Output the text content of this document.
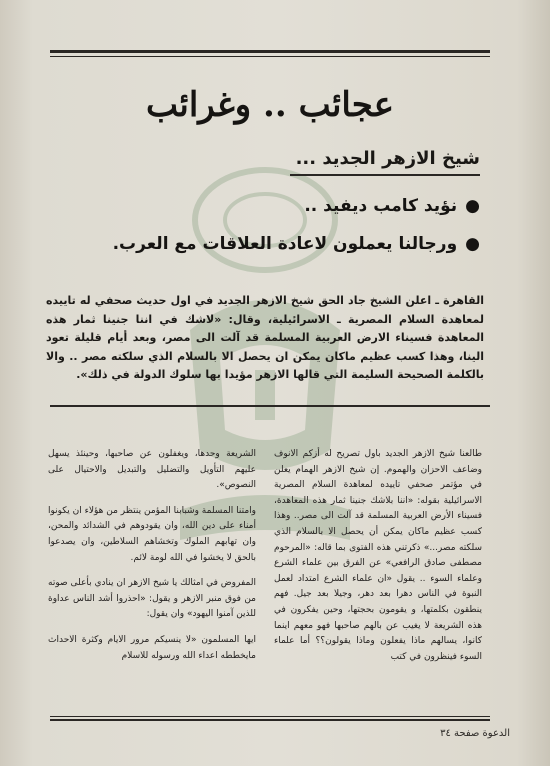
عجائب .. وغرائب
شيخ الازهر الجديد ...
●نؤيد كامب ديفيد ..
●ورجالنا يعملون لاعادة العلاقات مع العرب.
القاهرة ـ اعلن الشيخ جاد الحق شيخ الازهر الجديد في اول حديث صحفي له تاييده لمعاهدة السلام المصرية ـ الاسرائيلية، وقال: «لاشك في اننا جنينا ثمار هذه المعاهدة فسيناء الارض العربية المسلمة قد آلت الى مصر، وبعد أيام قليلة تعود الينا، وهذا كسب عظيم ماكان يمكن ان يحصل الا بالسلام الذي سلكته مصر .. والا بالكلمة الصحيحة السليمة التي قالها الازهر مؤيدا بها سلوك الدولة في ذلك».

طالعنا شيخ الازهر الجديد باول تصريح له أزكم الانوف وضاعف الاحزان والهموم. إن شيخ الازهر الهمام يعلن في مؤتمر صحفي تاييده لمعاهدة السلام المصرية الاسرائيلية بقوله: «اننا بلاشك جنينا ثمار هذه المعاهدة، فسيناء الأرض العربية المسلمة قد آلت الى مصر.. وهذا كسب عظيم ماكان يمكن أن يحصل الا بالسلام الذي سلكته مصر...» ذكرتني هذه الفتوى بما قاله: «المرحوم مصطفى صادق الرافعي» عن الفرق بين علماء الشرع وعلماء السوء .. يقول «ان علماء الشرع امتداد لعمل النبوة في الناس دهرا بعد دهر، وجيلا بعد جيل. فهم ينطقون بكلمتها، و يقومون بحجتها، وحين يفكرون في هذه الشريعة لا يغيب عن بالهم صاحبها فهو معهم اينما كانوا، يسالهم ماذا يفعلون وماذا يقولون؟؟ أما علماء السوء فينظرون في كتب

الشريعة وحدها، ويغفلون عن صاحبها، وحينئذ يسهل عليهم التأويل والتضليل والتبديل والاحتيال على النصوص».

وامتنا المسلمة وشبابنا المؤمن ينتظر من هؤلاء ان يكونوا أمناء على دين الله، وان يقودوهم في الشدائد والمحن، وان تهابهم الملوك وتخشاهم السلاطين، وان يصدعوا بالحق لا يخشوا في الله لومة لائم.

المفروض في امثالك يا شيخ الازهر ان ينادي بأعلى صوته من فوق منبر الازهر و يقول: «احذروا أشد الناس عداوة للذين آمنوا اليهود» وان يقول:

ايها المسلمون «لا ينسيكم مرور الايام وكثرة الاحداث مايخططه اعداء الله ورسوله للاسلام

الدعوة صفحة ٣٤
